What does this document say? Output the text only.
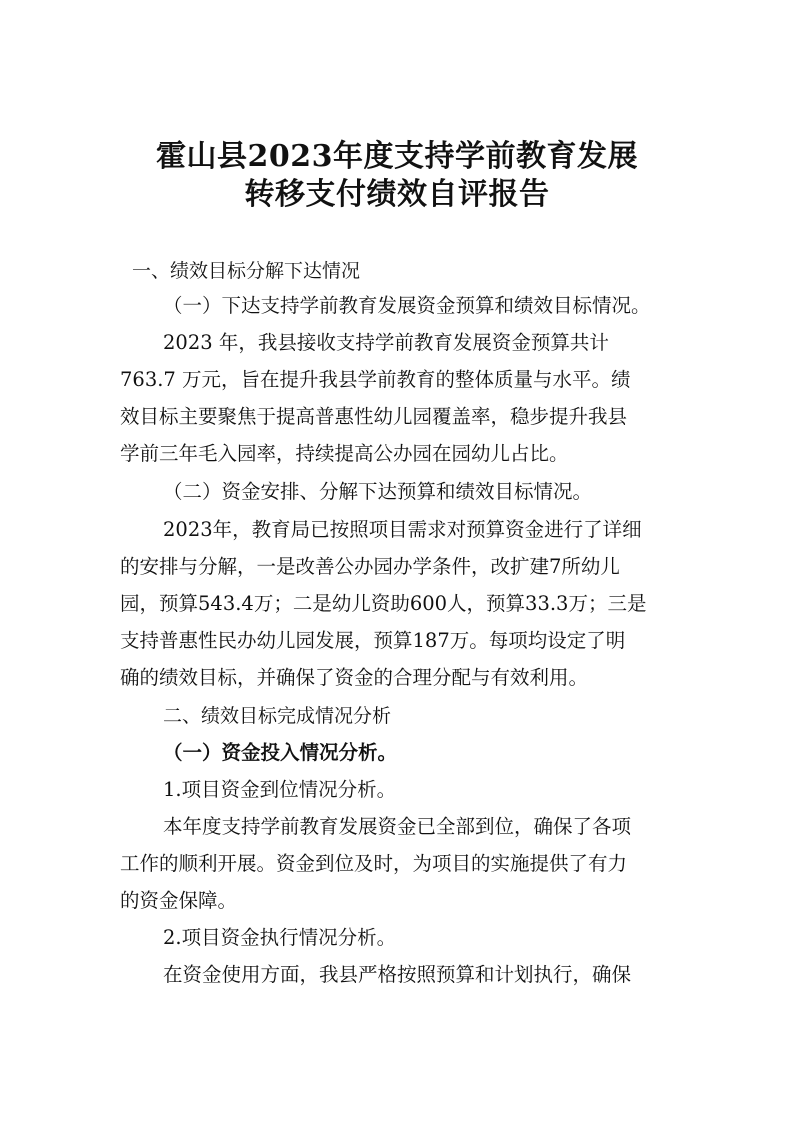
霍山县2023年度支持学前教育发展
转移支付绩效自评报告
一、绩效目标分解下达情况
（一）下达支持学前教育发展资金预算和绩效目标情况。
2023 年，我县接收支持学前教育发展资金预算共计
763.7 万元，旨在提升我县学前教育的整体质量与水平。绩
效目标主要聚焦于提高普惠性幼儿园覆盖率，稳步提升我县
学前三年毛入园率，持续提高公办园在园幼儿占比。
（二）资金安排、分解下达预算和绩效目标情况。
2023年，教育局已按照项目需求对预算资金进行了详细
的安排与分解，一是改善公办园办学条件，改扩建7所幼儿
园，预算543.4万；二是幼儿资助600人，预算33.3万；三是
支持普惠性民办幼儿园发展，预算187万。每项均设定了明
确的绩效目标，并确保了资金的合理分配与有效利用。
二、绩效目标完成情况分析
（一）资金投入情况分析。
1.项目资金到位情况分析。
本年度支持学前教育发展资金已全部到位，确保了各项
工作的顺利开展。资金到位及时，为项目的实施提供了有力
的资金保障。
2.项目资金执行情况分析。
在资金使用方面，我县严格按照预算和计划执行，确保
